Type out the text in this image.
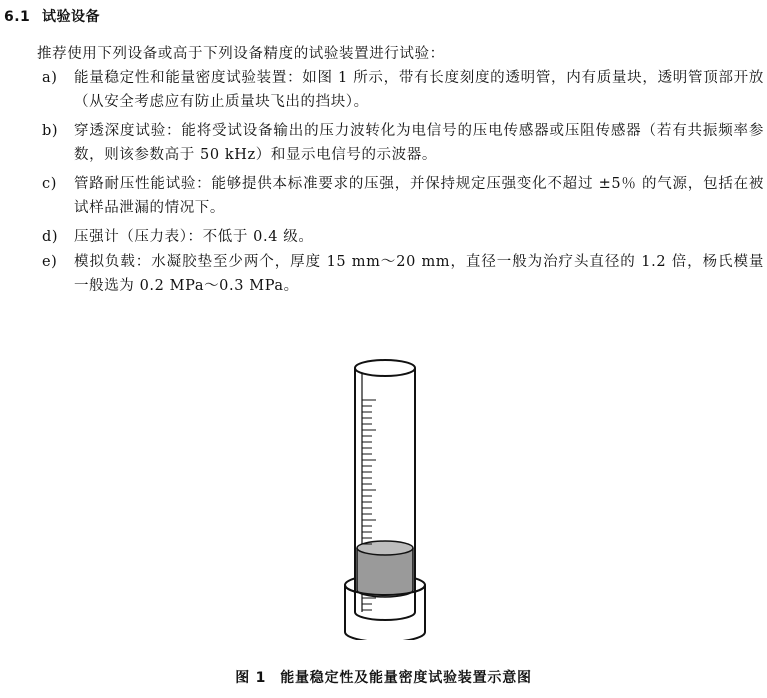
6.1 试验设备
推荐使用下列设备或高于下列设备精度的试验装置进行试验：
a) 能量稳定性和能量密度试验装置：如图 1 所示，带有长度刻度的透明管，内有质量块，透明管顶部开放（从安全考虑应有防止质量块飞出的挡块）。
b) 穿透深度试验：能将受试设备输出的压力波转化为电信号的压电传感器或压阻传感器（若有共振频率参数，则该参数高于 50 kHz）和显示电信号的示波器。
c) 管路耐压性能试验：能够提供本标准要求的压强，并保持规定压强变化不超过 ±5％ 的气源，包括在被试样品泄漏的情况下。
d) 压强计（压力表）：不低于 0.4 级。
e) 模拟负载：水凝胶垫至少两个，厚度 15 mm～20 mm，直径一般为治疗头直径的 1.2 倍，杨氏模量一般选为 0.2 MPa～0.3 MPa。
图 1 能量稳定性及能量密度试验装置示意图
